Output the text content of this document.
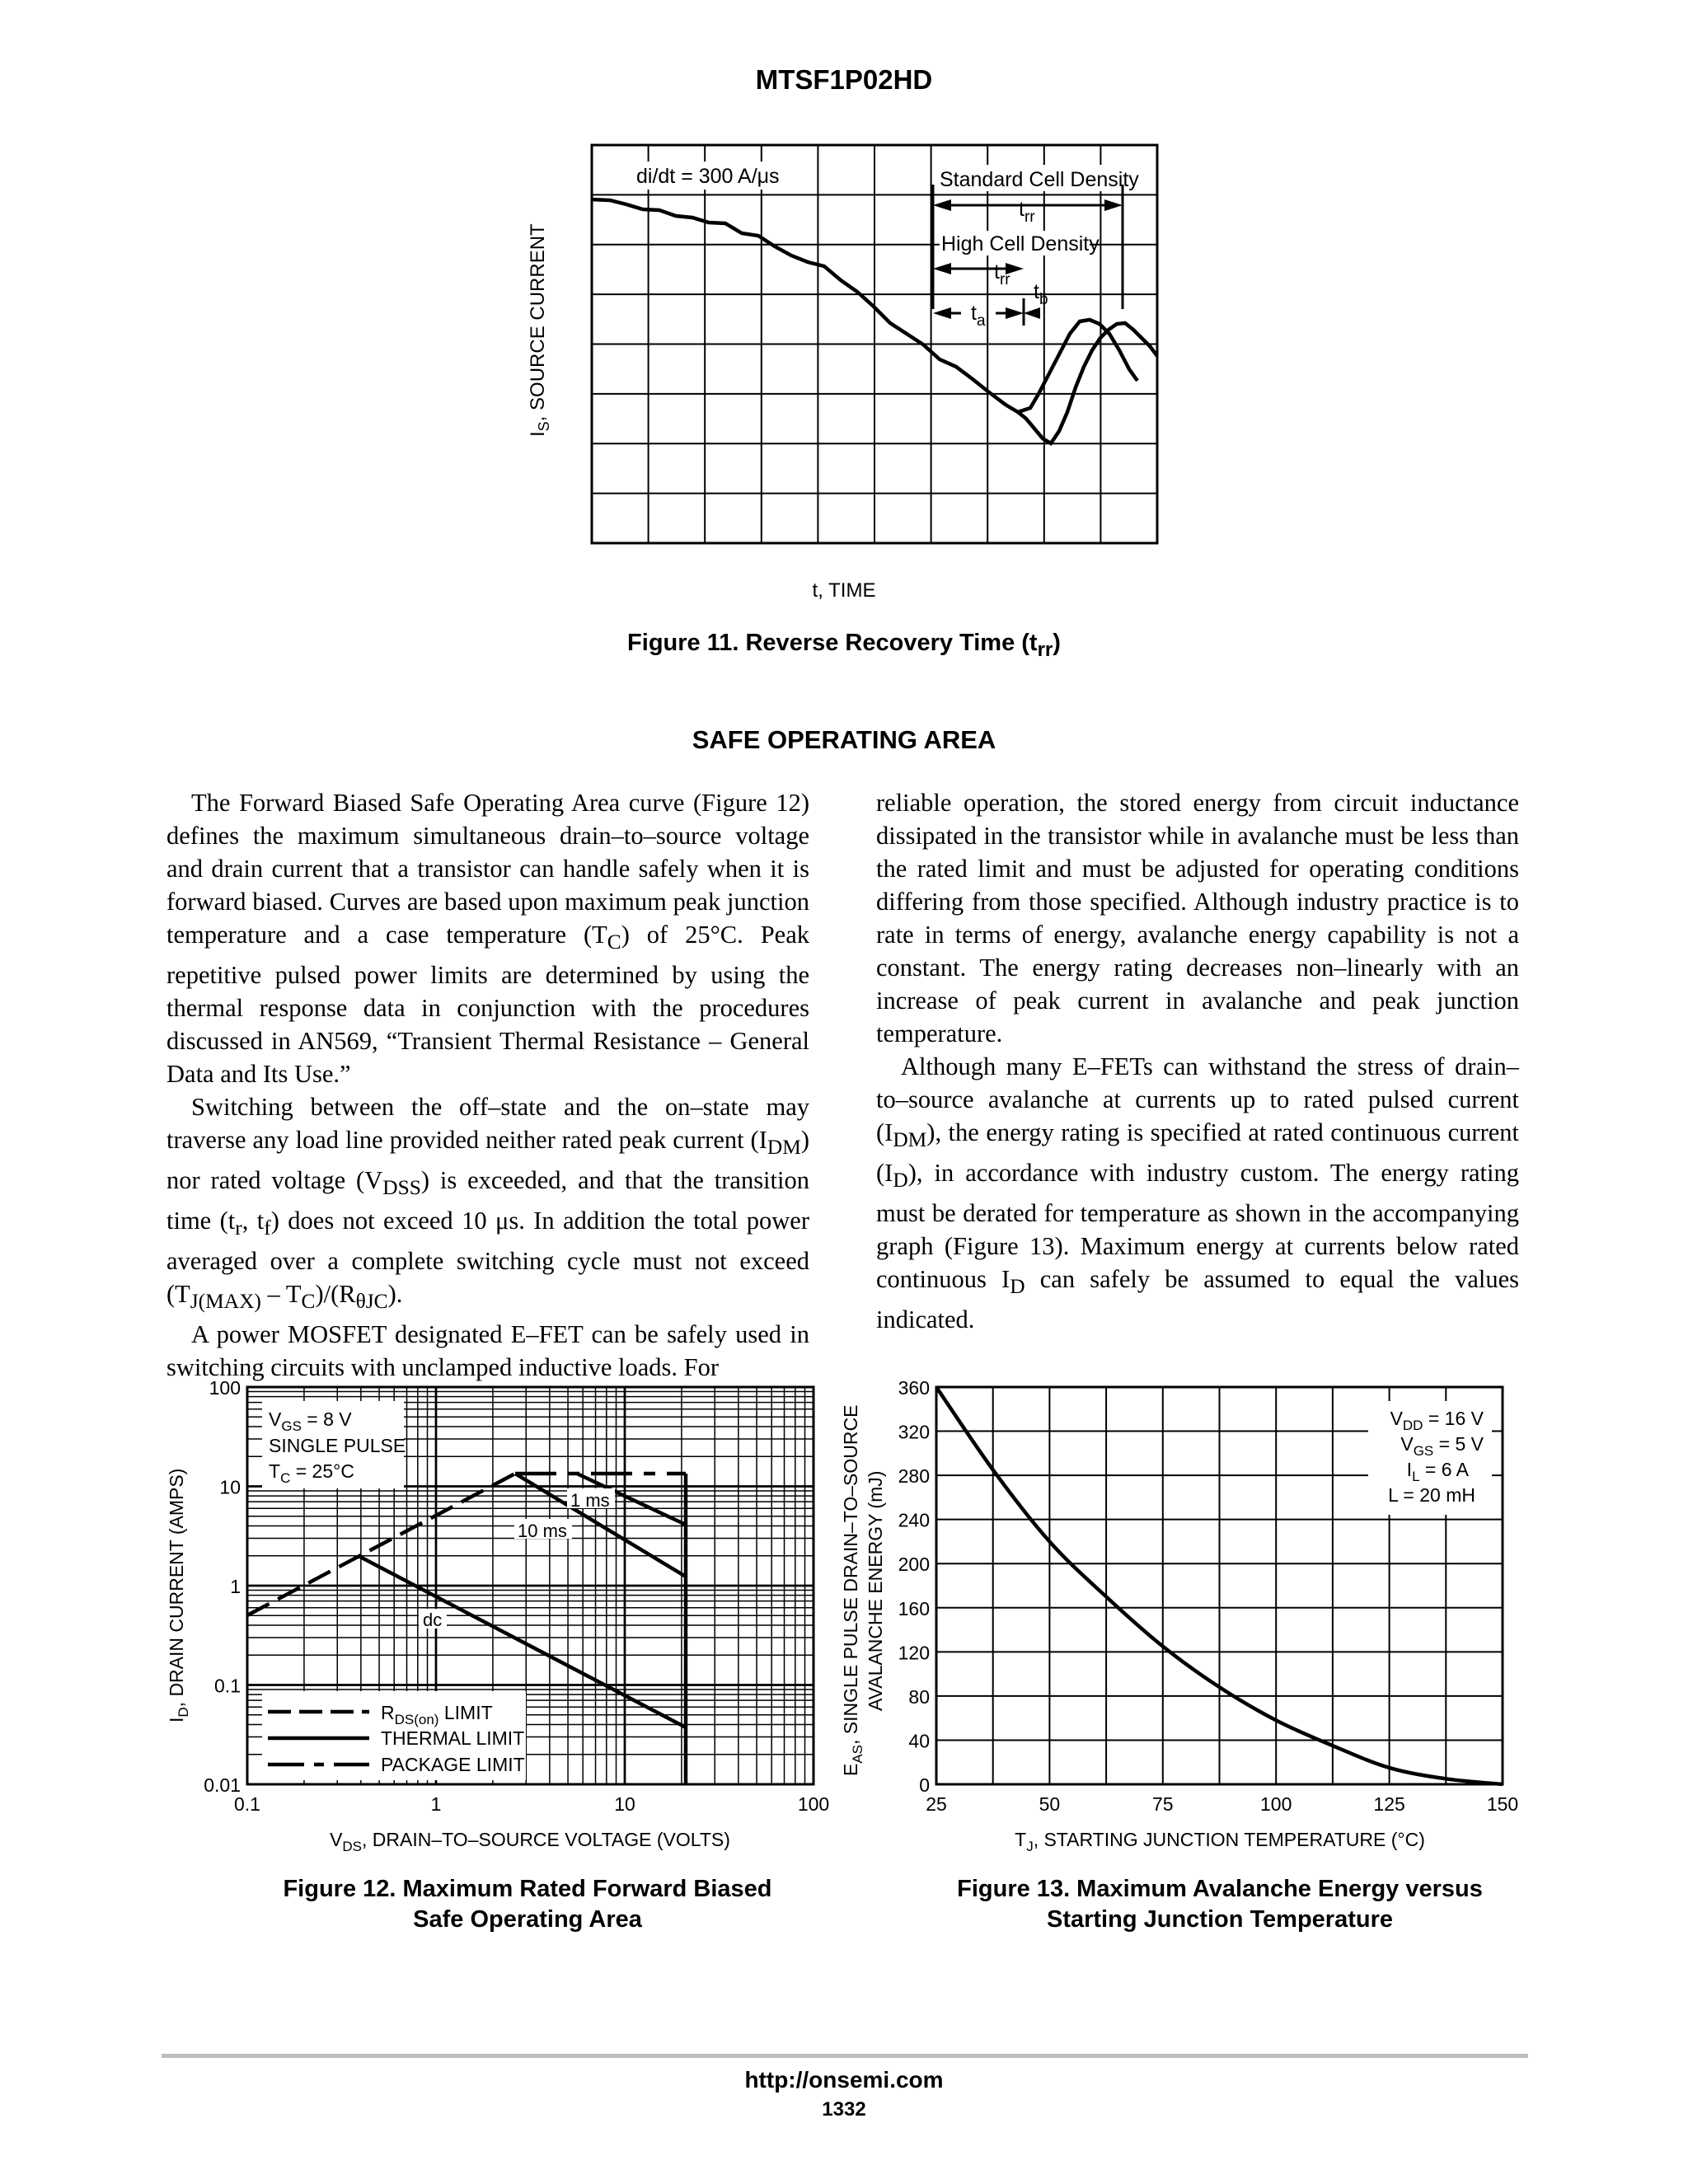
MTSF1P02HD
di/dt = 300 A/μs	Standard Cell Density
$t_{rr}$
High Cell Density
$t_{rr}$
$t_a$
$t_b$
$I_S$, SOURCE CURRENT
t, TIME
Figure 11. Reverse Recovery Time $(t_{rr})$
SAFE OPERATING AREA

The Forward Biased Safe Operating Area curve (Figure 12) defines the maximum simultaneous drain–to–source voltage and drain current that a transistor can handle safely when it is forward biased. Curves are based upon maximum peak junction temperature and a case temperature $(T_C)$ of 25°C. Peak repetitive pulsed power limits are determined by using the thermal response data in conjunction with the procedures discussed in AN569, “Transient Thermal Resistance – General Data and Its Use.”

Switching between the off–state and the on–state may traverse any load line provided neither rated peak current $(I_{DM})$ nor rated voltage $(V_{DSS})$ is exceeded, and that the transition time ($t_r$, $t_f$) does not exceed 10 μs. In addition the total power averaged over a complete switching cycle must not exceed $(T_{J(MAX)} - T_C)/(R_{\theta JC})$.

A power MOSFET designated E–FET can be safely used in switching circuits with unclamped inductive loads. For

reliable operation, the stored energy from circuit inductance dissipated in the transistor while in avalanche must be less than the rated limit and must be adjusted for operating conditions differing from those specified. Although industry practice is to rate in terms of energy, avalanche energy capability is not a constant. The energy rating decreases non–linearly with an increase of peak current in avalanche and peak junction temperature.

Although many E–FETs can withstand the stress of drain–to–source avalanche at currents up to rated pulsed current $(I_{DM})$, the energy rating is specified at rated continuous current $(I_D)$, in accordance with industry custom. The energy rating must be derated for temperature as shown in the accompanying graph (Figure 13). Maximum energy at currents below rated continuous $I_D$ can safely be assumed to equal the values indicated.

$V_{GS} = 8$ V
SINGLE PULSE
$T_C = 25^\circ C$
1 ms
10 ms
dc
$R_{DS(on)}$ LIMIT
THERMAL LIMIT
PACKAGE LIMIT
100
10
1
0.1
0.01
0.1	1	10	100
$I_D$, DRAIN CURRENT (AMPS)
$V_{DS}$, DRAIN–TO–SOURCE VOLTAGE (VOLTS)
Figure 12. Maximum Rated Forward Biased
Safe Operating Area
$V_{DD} = 16$ V
$V_{GS} = 5$ V
$I_L = 6$ A
L = 20 mH
360
320
280
240
200
160
120
80
40
0
25	50	75	100	125	150
$E_{AS}$, SINGLE PULSE DRAIN–TO–SOURCE AVALANCHE ENERGY (mJ)
$T_J$, STARTING JUNCTION TEMPERATURE (°C)
Figure 13. Maximum Avalanche Energy versus
Starting Junction Temperature
http://onsemi.com
1332
